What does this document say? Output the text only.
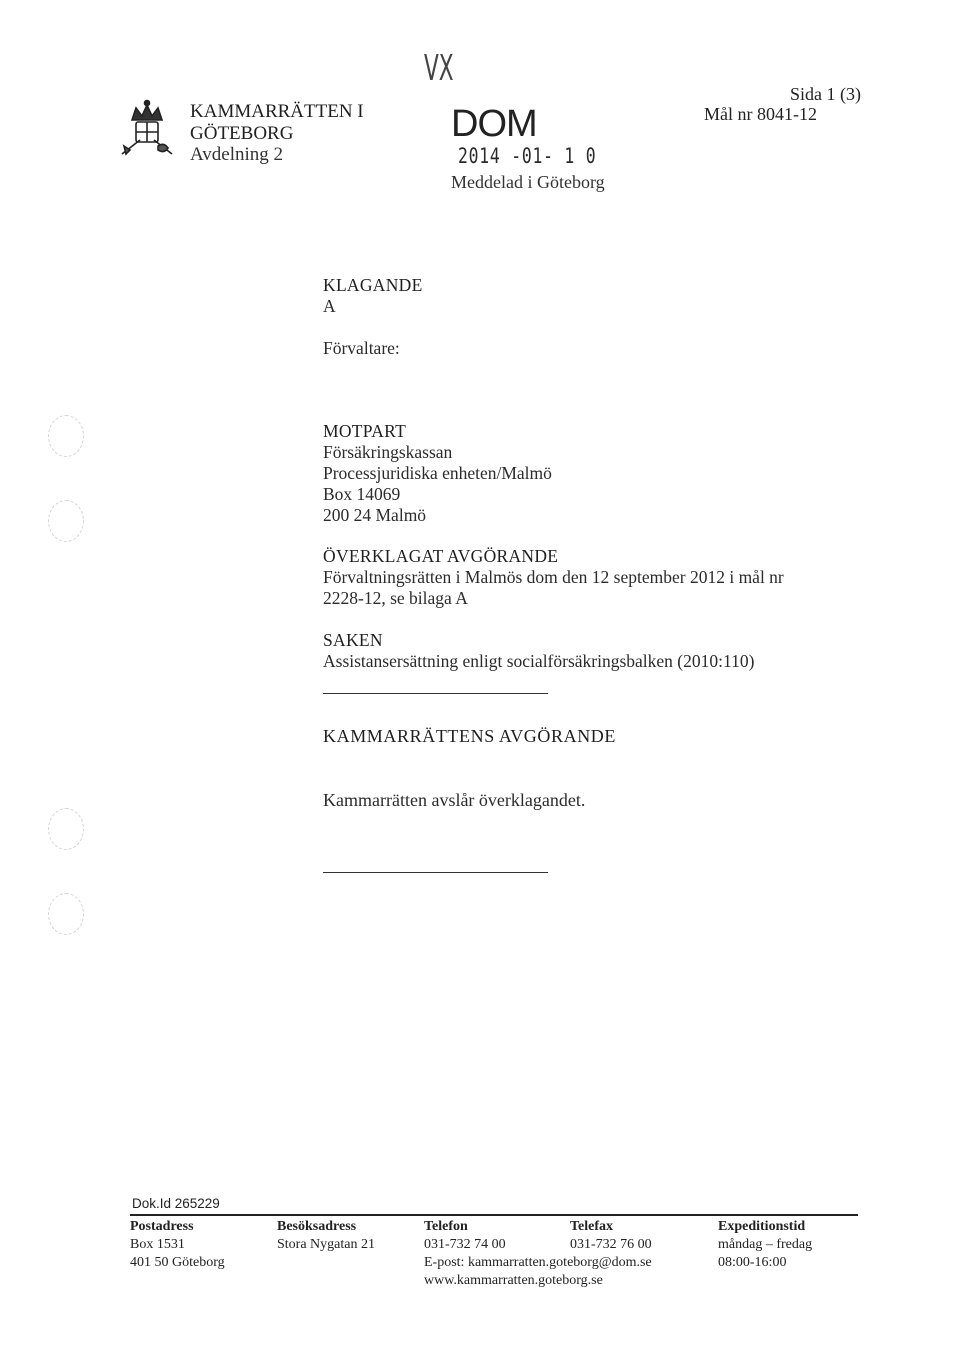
KAMMARRÄTTEN I
GÖTEBORG
Avdelning 2
VX
DOM
2014 -01- 1 0
Meddelad i Göteborg
Sida 1 (3)
Mål nr 8041-12
KLAGANDE
A
Förvaltare:
MOTPART
Försäkringskassan
Processjuridiska enheten/Malmö
Box 14069
200 24 Malmö
ÖVERKLAGAT AVGÖRANDE
Förvaltningsrätten i Malmös dom den 12 september 2012 i mål nr
2228-12, se bilaga A
SAKEN
Assistansersättning enligt socialförsäkringsbalken (2010:110)
KAMMARRÄTTENS AVGÖRANDE
Kammarrätten avslår överklagandet.
Dok.Id 265229
Postadress
Box 1531
401 50 Göteborg
Besöksadress
Stora Nygatan 21
Telefon
031-732 74 00
E-post: kammarratten.goteborg@dom.se
www.kammarratten.goteborg.se
Telefax
031-732 76 00
Expeditionstid
måndag – fredag
08:00-16:00
